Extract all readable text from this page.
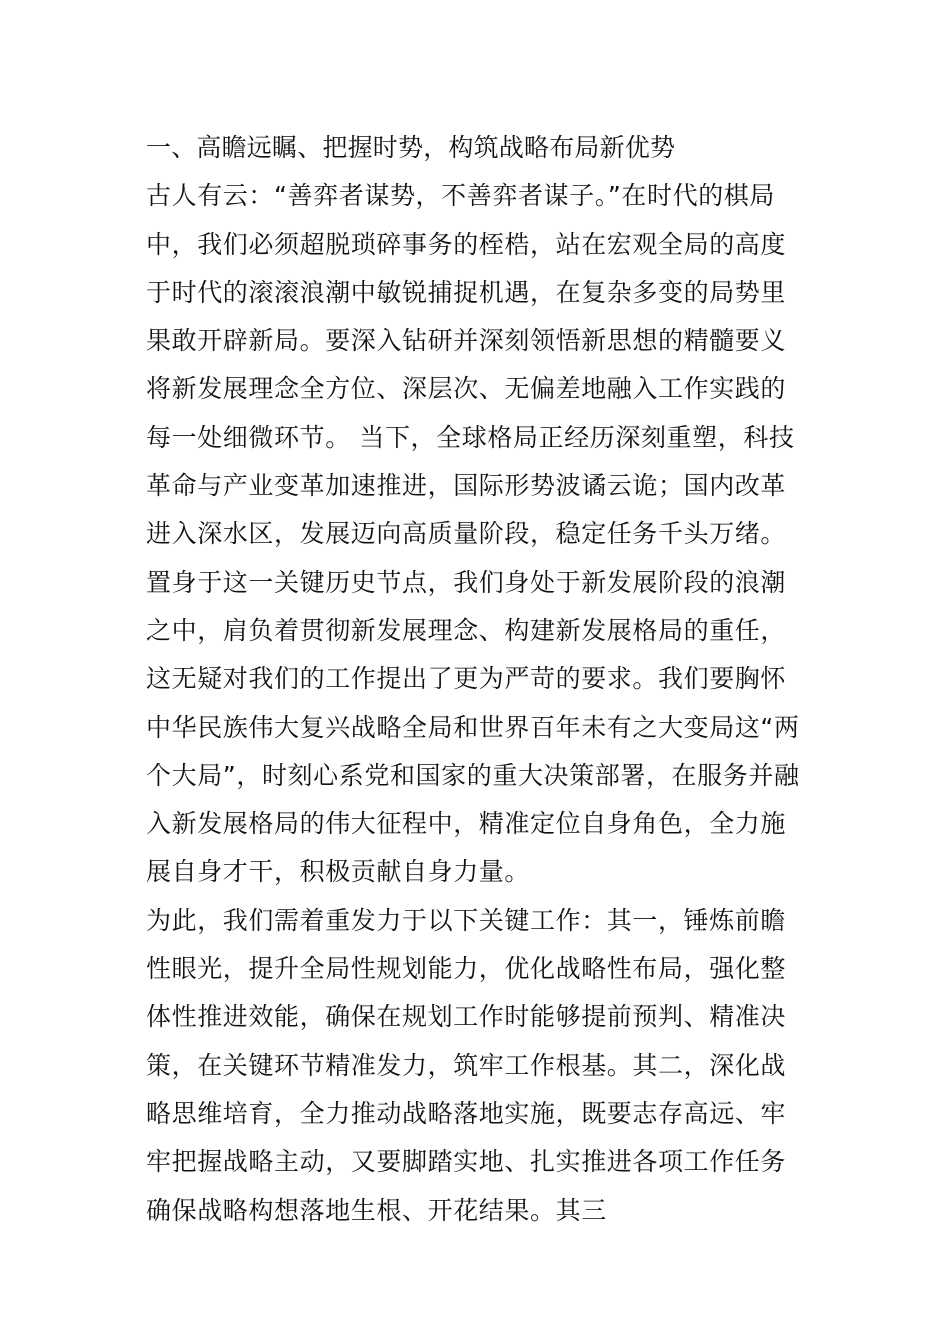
一、高瞻远瞩、把握时势，构筑战略布局新优势
古人有云：“善弈者谋势，不善弈者谋子。”在时代的棋局
中，我们必须超脱琐碎事务的桎梏，站在宏观全局的高度
于时代的滚滚浪潮中敏锐捕捉机遇，在复杂多变的局势里
果敢开辟新局。要深入钻研并深刻领悟新思想的精髓要义
将新发展理念全方位、深层次、无偏差地融入工作实践的
每一处细微环节。 当下，全球格局正经历深刻重塑，科技
革命与产业变革加速推进，国际形势波谲云诡；国内改革
进入深水区，发展迈向高质量阶段，稳定任务千头万绪。
置身于这一关键历史节点，我们身处于新发展阶段的浪潮
之中，肩负着贯彻新发展理念、构建新发展格局的重任，
这无疑对我们的工作提出了更为严苛的要求。我们要胸怀
中华民族伟大复兴战略全局和世界百年未有之大变局这“两
个大局”，时刻心系党和国家的重大决策部署，在服务并融
入新发展格局的伟大征程中，精准定位自身角色，全力施
展自身才干，积极贡献自身力量。
为此，我们需着重发力于以下关键工作：其一，锤炼前瞻
性眼光，提升全局性规划能力，优化战略性布局，强化整
体性推进效能，确保在规划工作时能够提前预判、精准决
策，在关键环节精准发力，筑牢工作根基。其二，深化战
略思维培育，全力推动战略落地实施，既要志存高远、牢
牢把握战略主动，又要脚踏实地、扎实推进各项工作任务
确保战略构想落地生根、开花结果。其三
